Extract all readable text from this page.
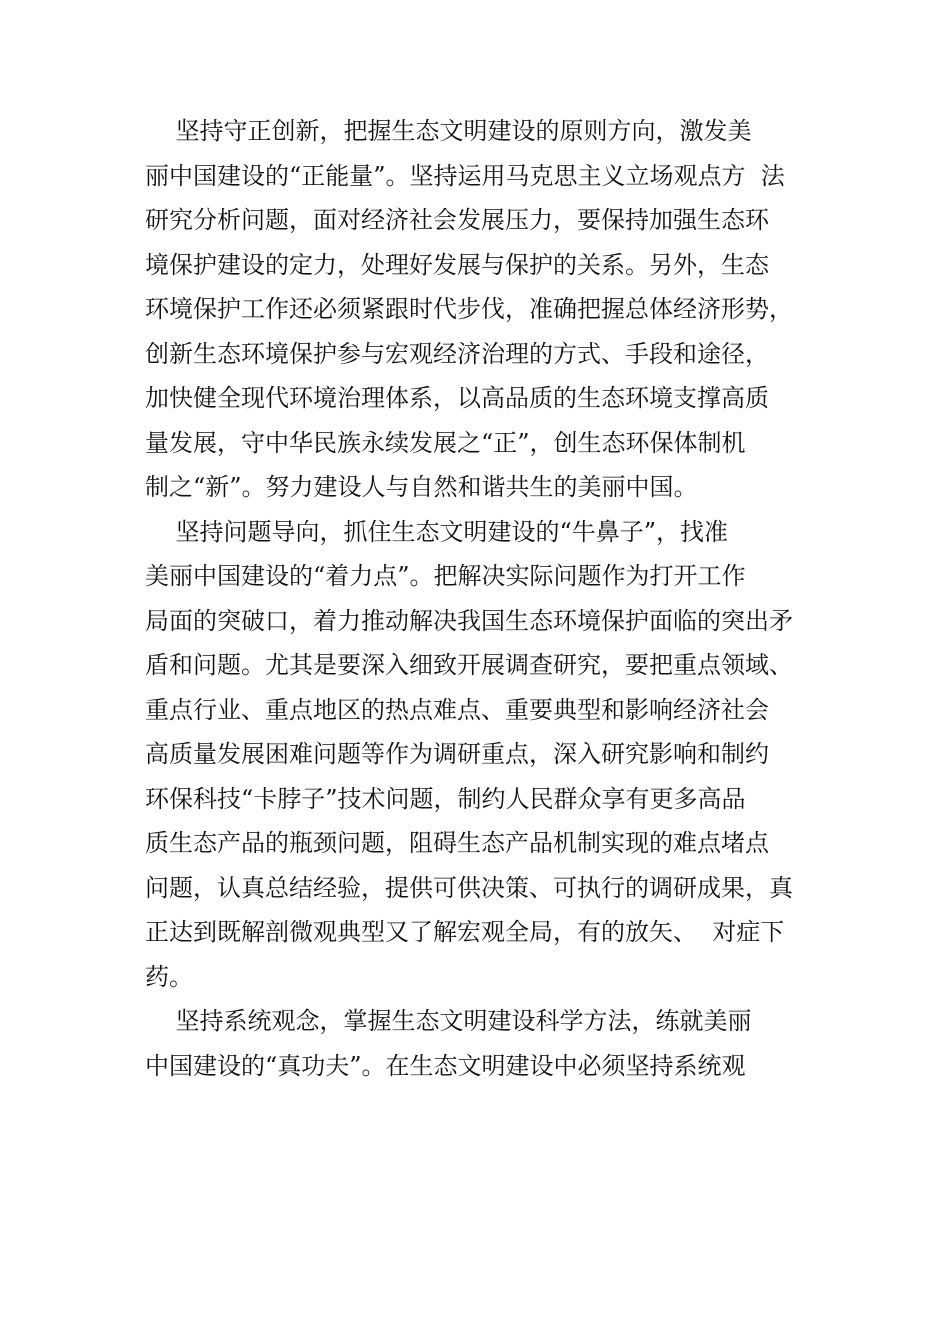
坚持守正创新，把握生态文明建设的原则方向，激发美
丽中国建设的“正能量”。坚持运用马克思主义立场观点方  法
研究分析问题，面对经济社会发展压力，要保持加强生态环
境保护建设的定力，处理好发展与保护的关系。另外，生态
环境保护工作还必须紧跟时代步伐，准确把握总体经济形势，
创新生态环境保护参与宏观经济治理的方式、手段和途径，
加快健全现代环境治理体系，以高品质的生态环境支撑高质
量发展，守中华民族永续发展之“正”，创生态环保体制机
制之“新”。努力建设人与自然和谐共生的美丽中国。
坚持问题导向，抓住生态文明建设的“牛鼻子”，找准
美丽中国建设的“着力点”。把解决实际问题作为打开工作
局面的突破口，着力推动解决我国生态环境保护面临的突出矛
盾和问题。尤其是要深入细致开展调查研究，要把重点领域、
重点行业、重点地区的热点难点、重要典型和影响经济社会
高质量发展困难问题等作为调研重点，深入研究影响和制约
环保科技“卡脖子”技术问题，制约人民群众享有更多高品
质生态产品的瓶颈问题，阻碍生态产品机制实现的难点堵点
问题，认真总结经验，提供可供决策、可执行的调研成果，真
正达到既解剖微观典型又了解宏观全局，有的放矢、  对症下
药。
坚持系统观念，掌握生态文明建设科学方法，练就美丽
中国建设的“真功夫”。在生态文明建设中必须坚持系统观
